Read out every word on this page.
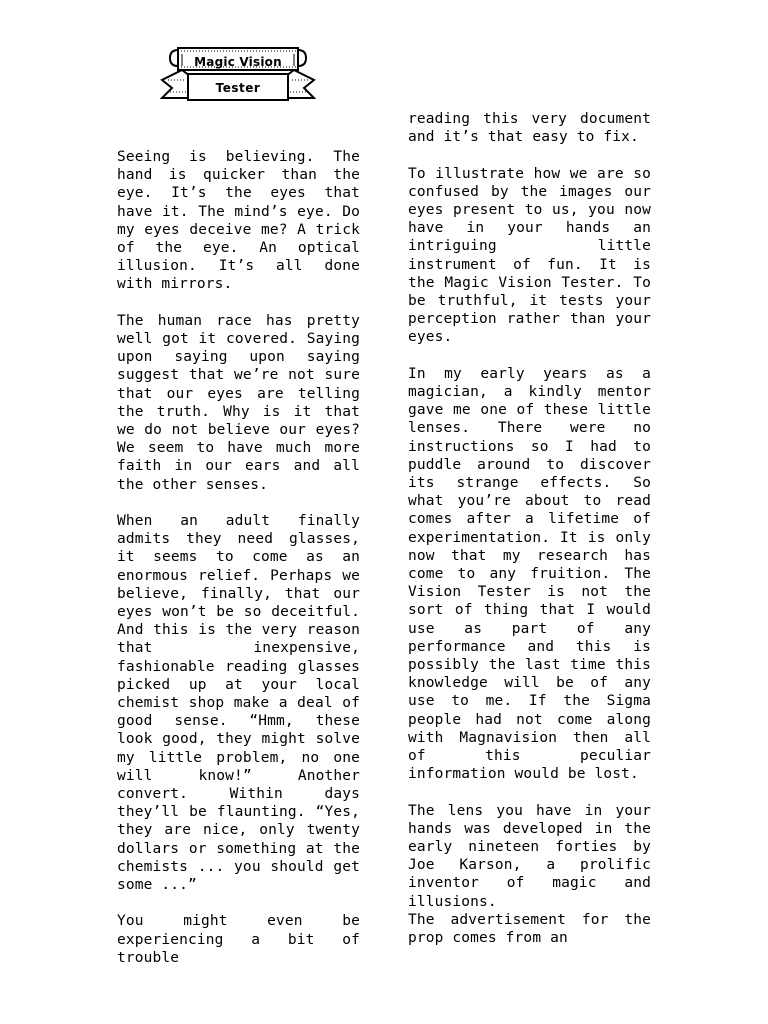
Magic Vision
Tester

Seeing is believing. The hand is quicker than the eye. It’s the eyes that have it. The mind’s eye. Do my eyes deceive me? A trick of the eye. An optical illusion. It’s all done with mirrors.

The human race has pretty well got it covered. Saying upon saying upon saying suggest that we’re not sure that our eyes are telling the truth. Why is it that we do not believe our eyes? We seem to have much more faith in our ears and all the other senses.

When an adult finally admits they need glasses, it seems to come as an enormous relief. Perhaps we believe, finally, that our eyes won’t be so deceitful. And this is the very reason that inexpensive, fashionable reading glasses picked up at your local chemist shop make a deal of good sense. “Hmm, these look good, they might solve my little problem, no one will know!” Another convert. Within days they’ll be flaunting. “Yes, they are nice, only twenty dollars or something at the chemists ... you should get some ...”

You might even be experiencing a bit of trouble

reading this very document and it’s that easy to fix.

To illustrate how we are so confused by the images our eyes present to us, you now have in your hands an intriguing little instrument of fun. It is the Magic Vision Tester. To be truthful, it tests your perception rather than your eyes.

In my early years as a magician, a kindly mentor gave me one of these little lenses. There were no instructions so I had to puddle around to discover its strange effects. So what you’re about to read comes after a lifetime of experimentation. It is only now that my research has come to any fruition. The Vision Tester is not the sort of thing that I would use as part of any performance and this is possibly the last time this knowledge will be of any use to me. If the Sigma people had not come along with Magnavision then all of this peculiar information would be lost.

The lens you have in your hands was developed in the early nineteen forties by Joe Karson, a prolific inventor of magic and illusions.

The advertisement for the prop comes from an
